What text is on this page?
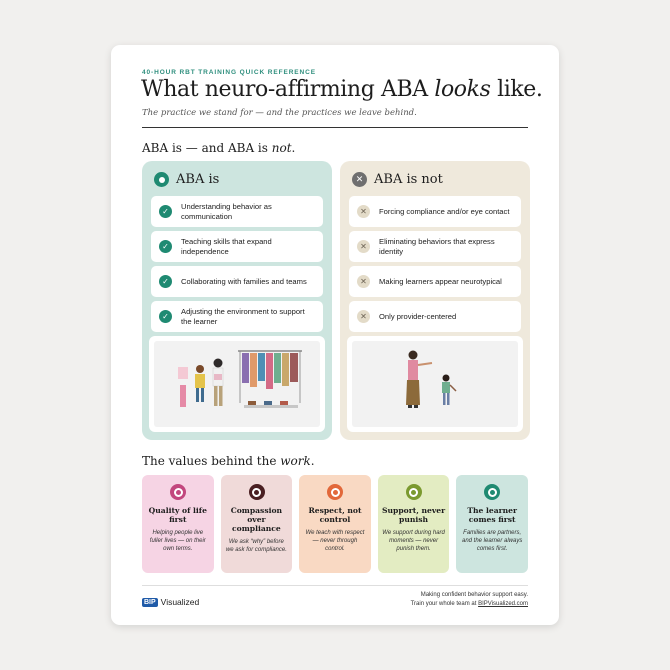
40-HOUR RBT TRAINING QUICK REFERENCE
What neuro-affirming ABA looks like.
The practice we stand for — and the practices we leave behind.
ABA is — and ABA is not.
ABA is
✓
Understanding behavior as communication
✓
Teaching skills that expand independence
✓	Collaborating with families and teams
✓
Adjusting the environment to support the learner
✕ ABA is not
✕	Forcing compliance and/or eye contact
✕
Eliminating behaviors that express identity
✕	Making learners appear neurotypical
✕	Only provider-centered
The values behind the work.
Quality of life first
Helping people live fuller lives — on their own terms.
Compassion over compliance
We ask “why” before we ask for compliance.
Respect, not control
We teach with respect — never through control.
Support, never punish
We support during hard moments — never punish them.
The learner comes first
Families are partners, and the learner always comes first.
BIP Visualized
Making confident behavior support easy.
Train your whole team at BIPVisualized.com
